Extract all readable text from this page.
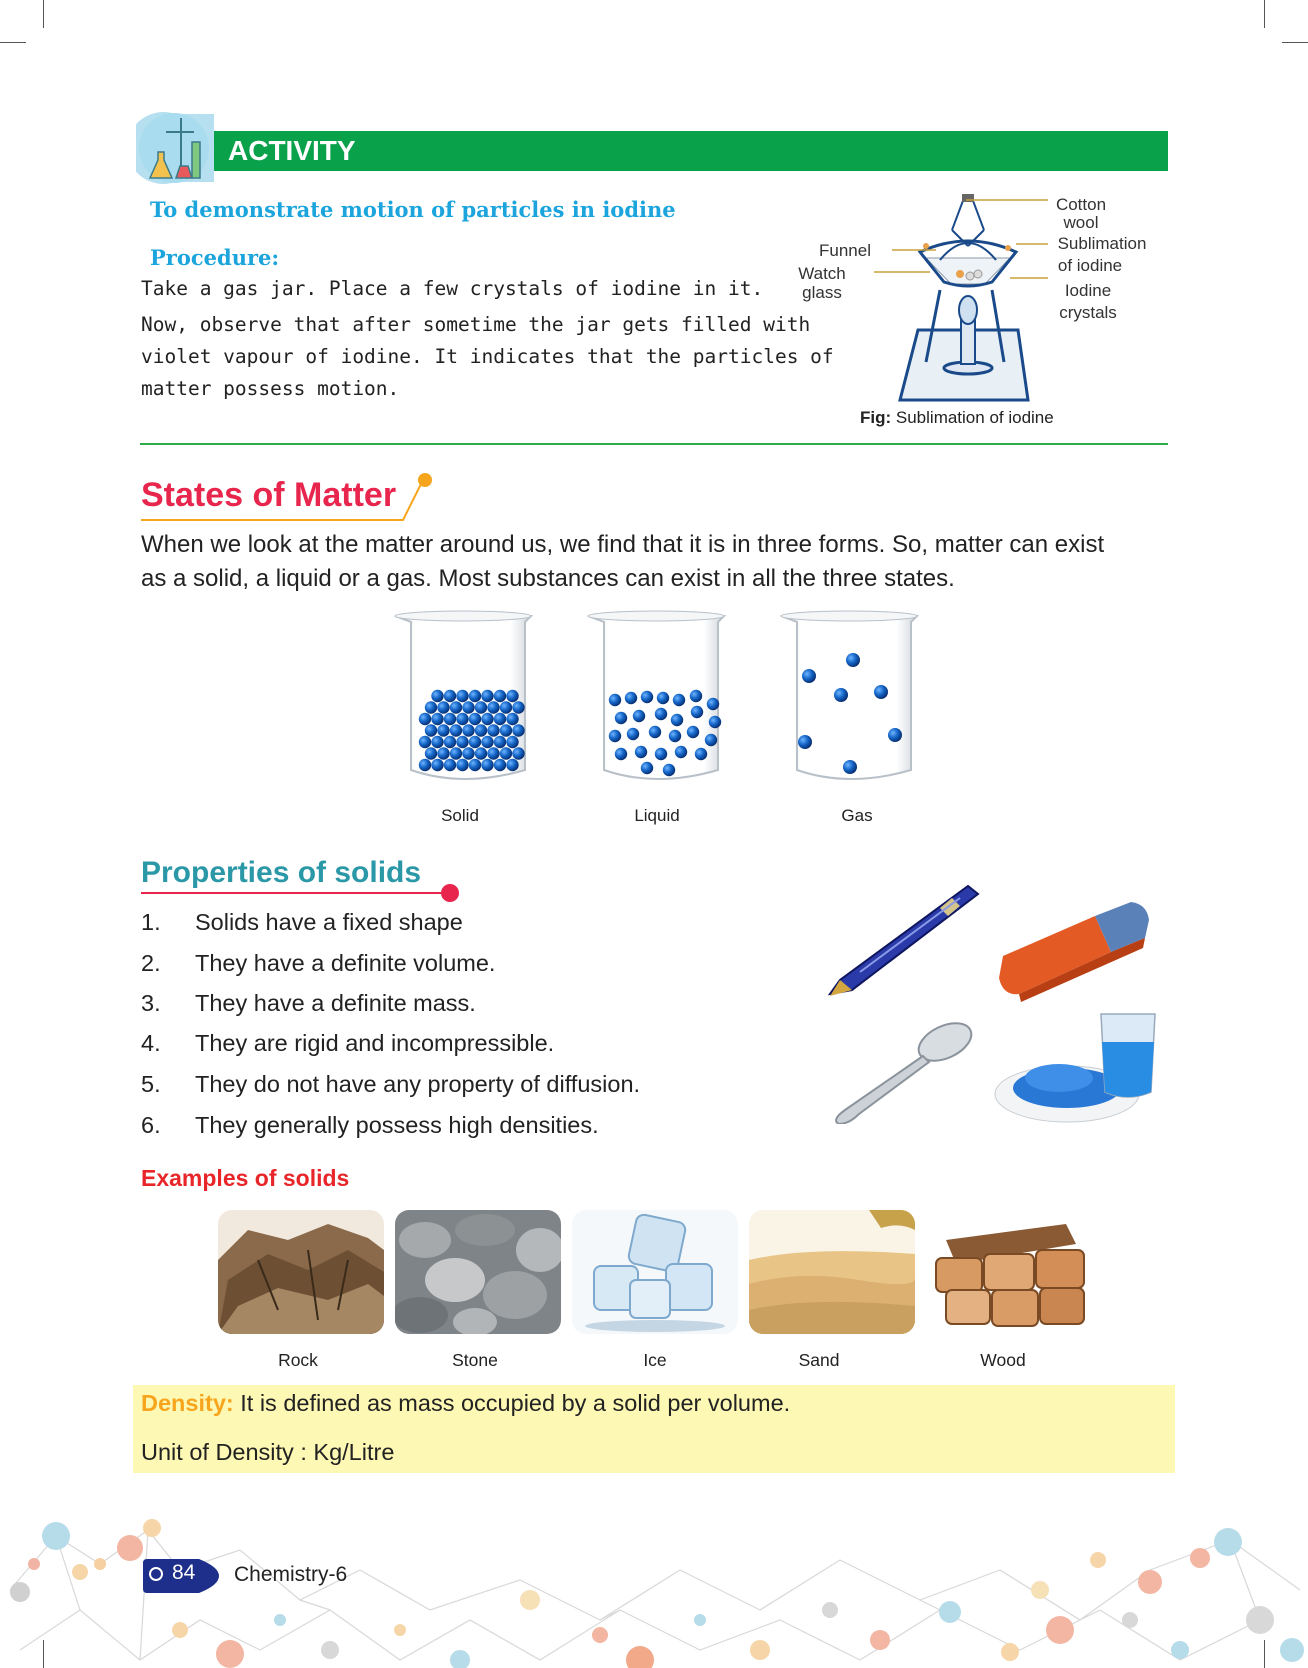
ACTIVITY
To demonstrate motion of particles in iodine
Procedure:
Take a gas jar. Place a few crystals of iodine in it.
Now, observe that after sometime the jar gets filled with
violet vapour of iodine. It indicates that the particles of
matter possess motion.
Funnel
Watch
glass
Cotton
wool
Sublimation
of iodine
Iodine
crystals
Fig: Sublimation of iodine
States of Matter
When we look at the matter around us, we find that it is in three forms. So, matter can exist
as a solid, a liquid or a gas. Most substances can exist in all the three states.
Solid	Liquid	Gas
Properties of solids
1. Solids have a fixed shape
2. They have a definite volume.
3. They have a definite mass.
4. They are rigid and incompressible.
5. They do not have any property of diffusion.
6. They generally possess high densities.
Examples of solids
Rock	Stone	Ice	Sand	Wood
Density: It is defined as mass occupied by a solid per volume.
Unit of Density : Kg/Litre
84 Chemistry-6
